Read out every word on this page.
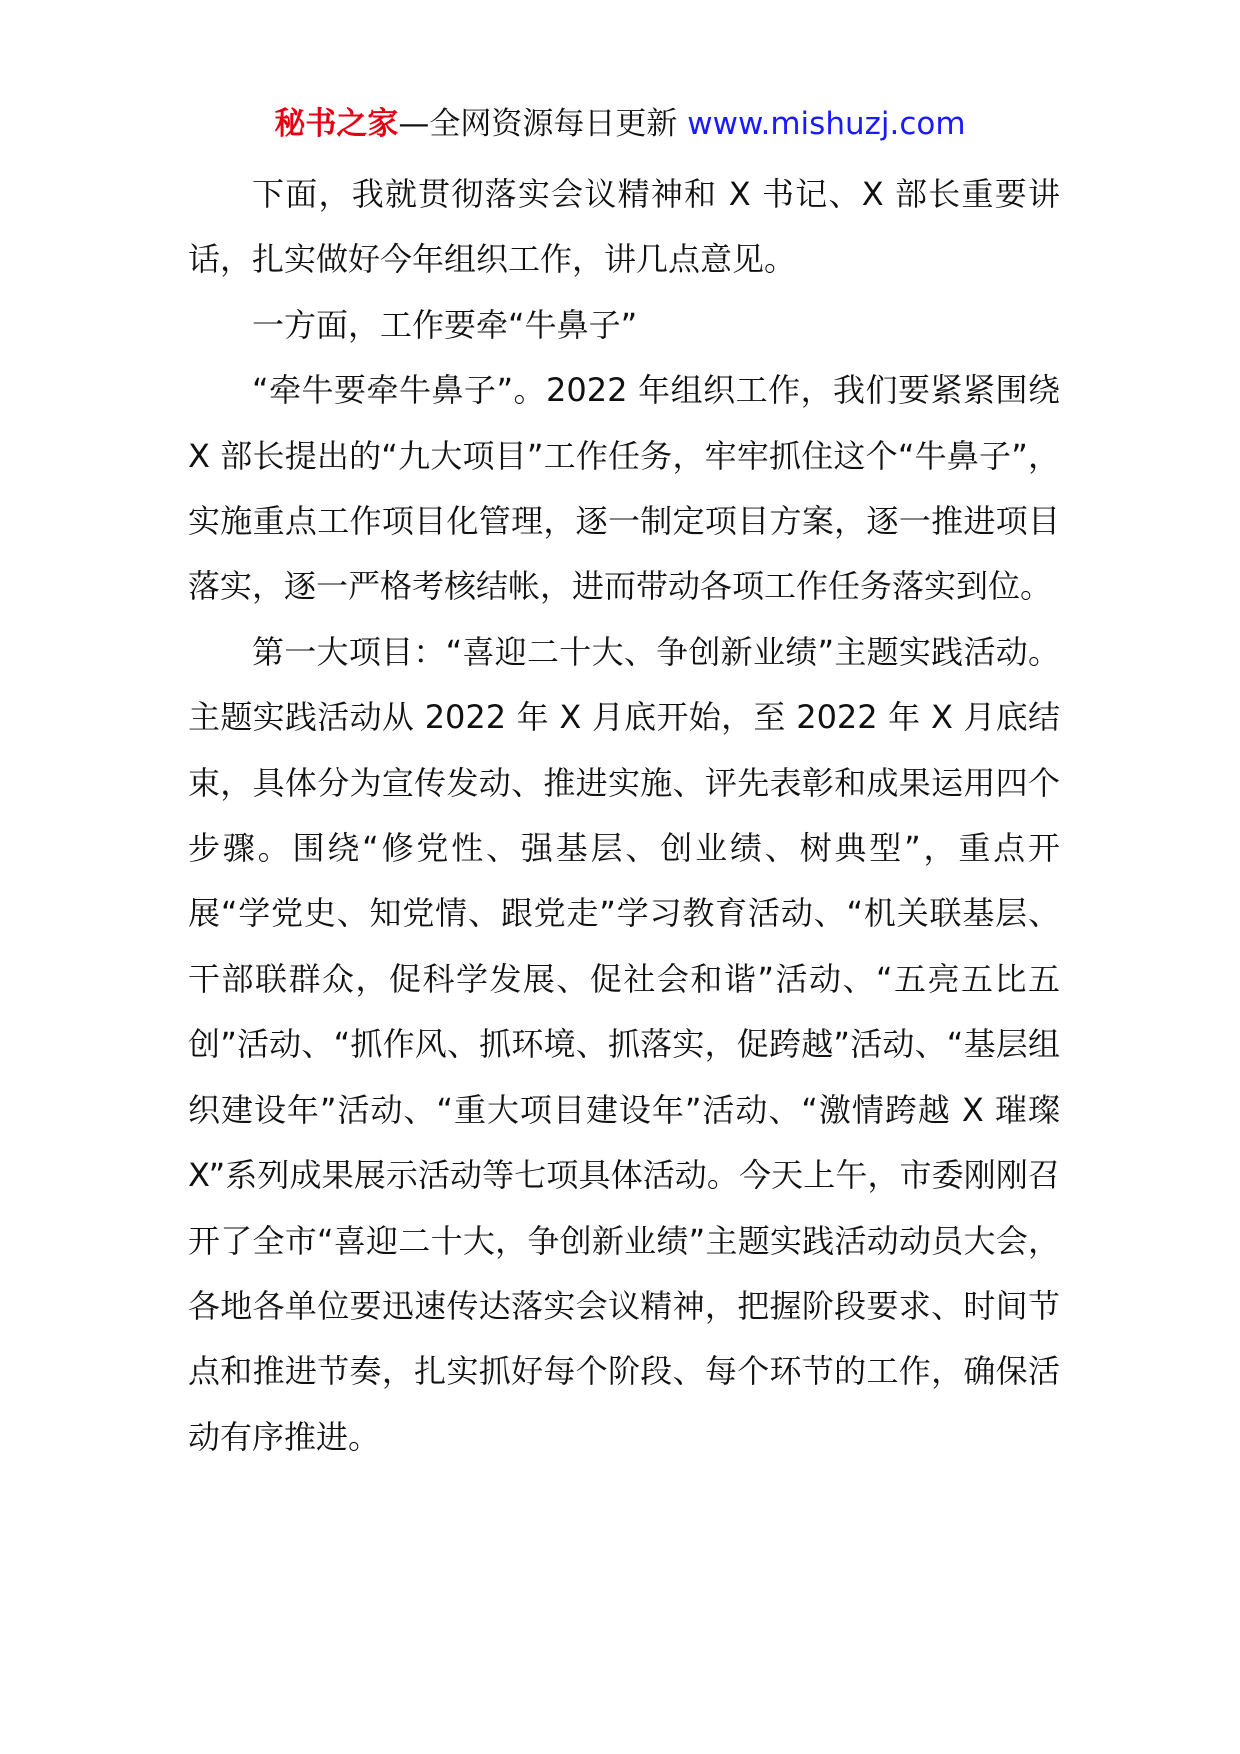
秘书之家—全网资源每日更新 www.mishuzj.com

下面，我就贯彻落实会议精神和 X 书记、X 部长重要讲话，扎实做好今年组织工作，讲几点意见。

一方面，工作要牵“牛鼻子”

“牵牛要牵牛鼻子”。2022 年组织工作，我们要紧紧围绕 X 部长提出的“九大项目”工作任务，牢牢抓住这个“牛鼻子”，实施重点工作项目化管理，逐一制定项目方案，逐一推进项目落实，逐一严格考核结帐，进而带动各项工作任务落实到位。

第一大项目：“喜迎二十大、争创新业绩”主题实践活动。主题实践活动从 2022 年 X 月底开始，至 2022 年 X 月底结束，具体分为宣传发动、推进实施、评先表彰和成果运用四个步骤。围绕“修党性、强基层、创业绩、树典型”，重点开展“学党史、知党情、跟党走”学习教育活动、“机关联基层、干部联群众，促科学发展、促社会和谐”活动、“五亮五比五创”活动、“抓作风、抓环境、抓落实，促跨越”活动、“基层组织建设年”活动、“重大项目建设年”活动、“激情跨越 X 璀璨 X”系列成果展示活动等七项具体活动。今天上午，市委刚刚召开了全市“喜迎二十大，争创新业绩”主题实践活动动员大会，各地各单位要迅速传达落实会议精神，把握阶段要求、时间节点和推进节奏，扎实抓好每个阶段、每个环节的工作，确保活动有序推进。
